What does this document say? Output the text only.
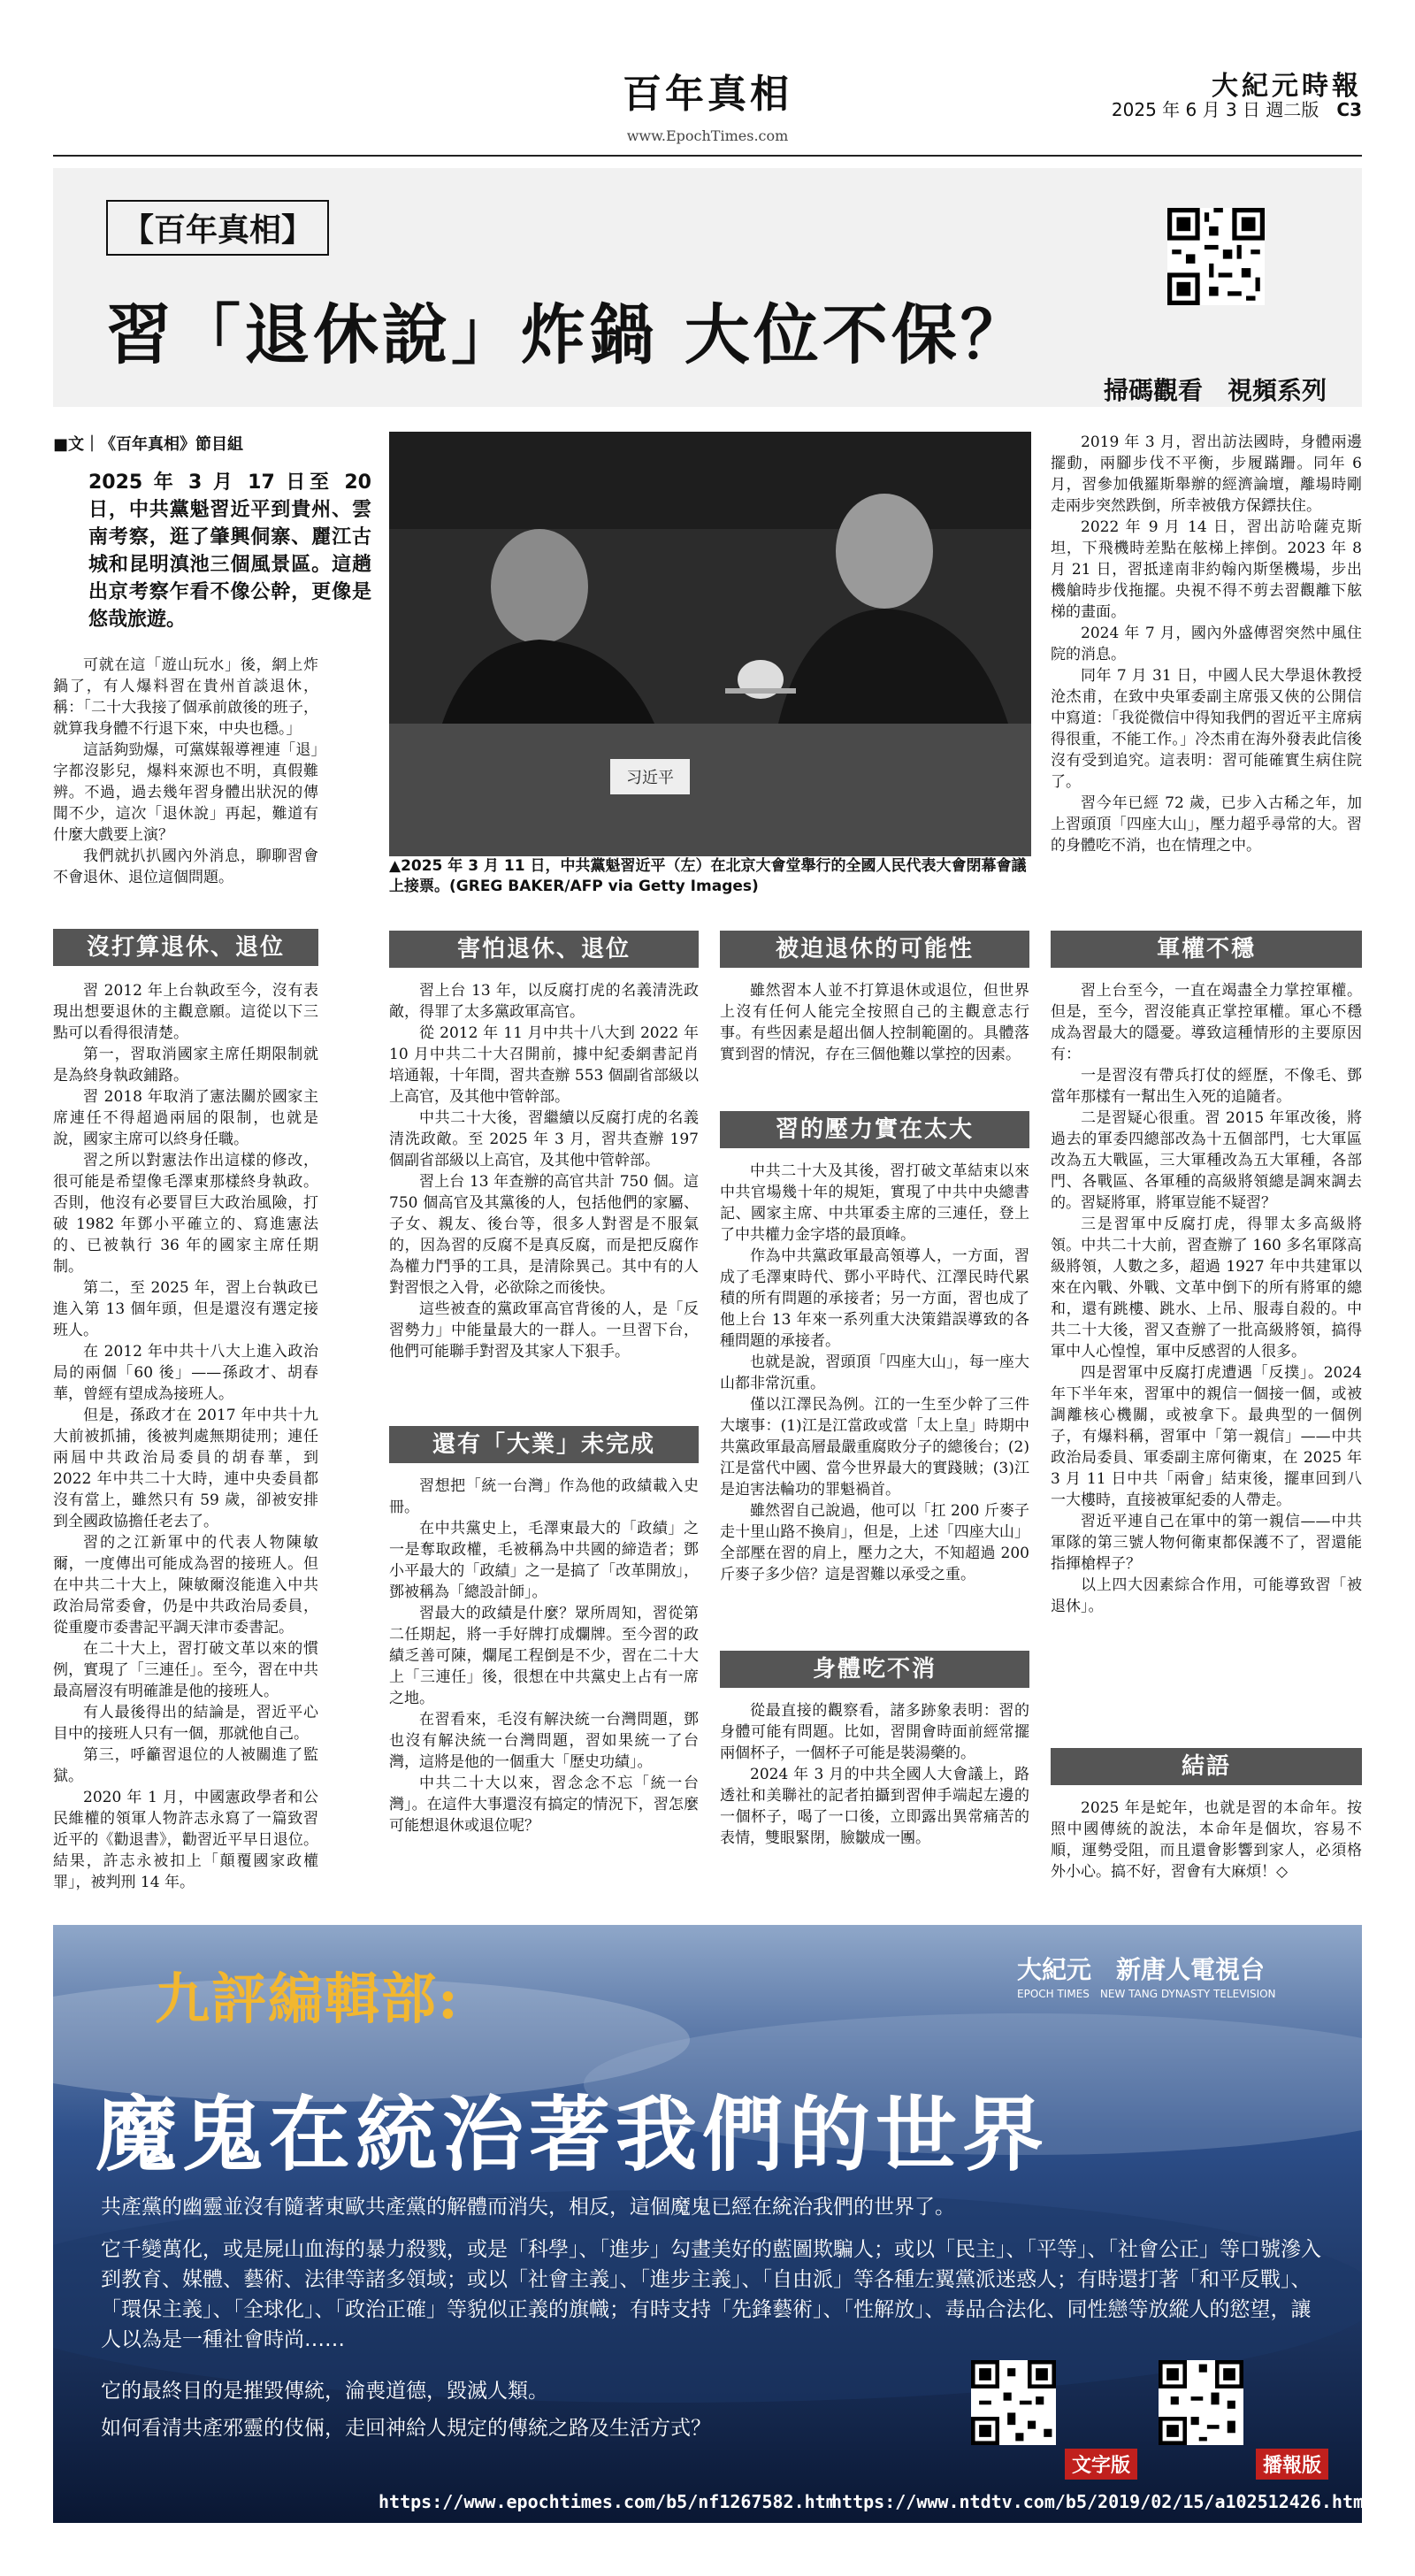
百年真相
www.EpochTimes.com
大紀元時報
2025 年 6 月 3 日 週二版　 C3
【百年真相】
習「退休說」炸鍋 大位不保？
掃碼觀看　視頻系列
■文｜《百年真相》節目組
2025 年 3 月 17 日至 20 日，中共黨魁習近平到貴州、雲南考察，逛了肇興侗寨、麗江古城和昆明滇池三個風景區。這趟出京考察乍看不像公幹，更像是悠哉旅遊。
习近平
▲2025 年 3 月 11 日，中共黨魁習近平（左）在北京大會堂舉行的全國人民代表大會閉幕會議上接票。(GREG BAKER/AFP via Getty Images)

可就在這「遊山玩水」後，網上炸鍋了，有人爆料習在貴州首談退休，稱：「二十大我接了個承前啟後的班子，就算我身體不行退下來，中央也穩。」

這話夠勁爆，可黨媒報導裡連「退」字都沒影兒，爆料來源也不明，真假難辨。不過，過去幾年習身體出狀況的傳聞不少，這次「退休說」再起，難道有什麼大戲要上演？

我們就扒扒國內外消息，聊聊習會不會退休、退位這個問題。

沒打算退休、退位

習 2012 年上台執政至今，沒有表現出想要退休的主觀意願。這從以下三點可以看得很清楚。

第一，習取消國家主席任期限制就是為終身執政鋪路。

習 2018 年取消了憲法關於國家主席連任不得超過兩屆的限制，也就是說，國家主席可以終身任職。

習之所以對憲法作出這樣的修改，很可能是希望像毛澤東那樣終身執政。否則，他沒有必要冒巨大政治風險，打破 1982 年鄧小平確立的、寫進憲法的、已被執行 36 年的國家主席任期制。

第二，至 2025 年，習上台執政已進入第 13 個年頭，但是還沒有選定接班人。

在 2012 年中共十八大上進入政治局的兩個「60 後」——孫政才、胡春華，曾經有望成為接班人。

但是，孫政才在 2017 年中共十九大前被抓捕，後被判處無期徒刑；連任兩屆中共政治局委員的胡春華，到 2022 年中共二十大時，連中央委員都沒有當上，雖然只有 59 歲，卻被安排到全國政協擔任老去了。

習的之江新軍中的代表人物陳敏爾，一度傳出可能成為習的接班人。但在中共二十大上，陳敏爾沒能進入中共政治局常委會，仍是中共政治局委員，從重慶市委書記平調天津市委書記。

在二十大上，習打破文革以來的慣例，實現了「三連任」。至今，習在中共最高層沒有明確誰是他的接班人。

有人最後得出的結論是，習近平心目中的接班人只有一個，那就他自己。

第三，呼籲習退位的人被關進了監獄。

2020 年 1 月，中國憲政學者和公民維權的領軍人物許志永寫了一篇致習近平的《勸退書》，勸習近平早日退位。結果，許志永被扣上「顛覆國家政權罪」，被判刑 14 年。

害怕退休、退位

習上台 13 年，以反腐打虎的名義清洗政敵，得罪了太多黨政軍高官。

從 2012 年 11 月中共十八大到 2022 年 10 月中共二十大召開前，據中紀委網書記肖培通報，十年間，習共查辦 553 個副省部級以上高官，及其他中管幹部。

中共二十大後，習繼續以反腐打虎的名義清洗政敵。至 2025 年 3 月，習共查辦 197 個副省部級以上高官，及其他中管幹部。

習上台 13 年查辦的高官共計 750 個。這 750 個高官及其黨後的人，包括他們的家屬、子女、親友、後台等，很多人對習是不服氣的，因為習的反腐不是真反腐，而是把反腐作為權力鬥爭的工具，是清除異己。其中有的人對習恨之入骨，必欲除之而後快。

這些被查的黨政軍高官背後的人，是「反習勢力」中能量最大的一群人。一旦習下台，他們可能聯手對習及其家人下狠手。

還有「大業」未完成

習想把「統一台灣」作為他的政績載入史冊。

在中共黨史上，毛澤東最大的「政績」之一是奪取政權，毛被稱為中共國的締造者；鄧小平最大的「政績」之一是搞了「改革開放」，鄧被稱為「總設計師」。

習最大的政績是什麼？眾所周知，習從第二任期起，將一手好牌打成爛牌。至今習的政績乏善可陳，爛尾工程倒是不少，習在二十大上「三連任」後，很想在中共黨史上占有一席之地。

在習看來，毛沒有解決統一台灣問題，鄧也沒有解決統一台灣問題，習如果統一了台灣，這將是他的一個重大「歷史功績」。

中共二十大以來，習念念不忘「統一台灣」。在這件大事還沒有搞定的情況下，習怎麼可能想退休或退位呢？

被迫退休的可能性

雖然習本人並不打算退休或退位，但世界上沒有任何人能完全按照自己的主觀意志行事。有些因素是超出個人控制範圍的。具體落實到習的情況，存在三個他難以掌控的因素。

習的壓力實在太大

中共二十大及其後，習打破文革結束以來中共官場幾十年的規矩，實現了中共中央總書記、國家主席、中共軍委主席的三連任，登上了中共權力金字塔的最頂峰。

作為中共黨政軍最高領導人，一方面，習成了毛澤東時代、鄧小平時代、江澤民時代累積的所有問題的承接者；另一方面，習也成了他上台 13 年來一系列重大決策錯誤導致的各種問題的承接者。

也就是說，習頭頂「四座大山」，每一座大山都非常沉重。

僅以江澤民為例。江的一生至少幹了三件大壞事：(1)江是江當政或當「太上皇」時期中共黨政軍最高層最嚴重腐敗分子的總後台；(2) 江是當代中國、當今世界最大的實踐賊；(3)江是迫害法輪功的罪魁禍首。

雖然習自己說過，他可以「扛 200 斤麥子走十里山路不換肩」，但是，上述「四座大山」全部壓在習的肩上，壓力之大，不知超過 200 斤麥子多少倍？這是習難以承受之重。

身體吃不消

從最直接的觀察看，諸多跡象表明：習的身體可能有問題。比如，習開會時面前經常擺兩個杯子，一個杯子可能是裝湯藥的。

2024 年 3 月的中共全國人大會議上，路透社和美聯社的記者拍攝到習伸手端起左邊的一個杯子，喝了一口後，立即露出異常痛苦的表情，雙眼緊閉，臉皺成一團。

2019 年 3 月，習出訪法國時，身體兩邊擺動，兩腳步伐不平衡，步履蹣跚。同年 6 月，習參加俄羅斯舉辦的經濟論壇，離場時剛走兩步突然跌倒，所幸被俄方保鏢扶住。

2022 年 9 月 14 日，習出訪哈薩克斯坦，下飛機時差點在舷梯上摔倒。2023 年 8 月 21 日，習抵達南非約翰內斯堡機場，步出機艙時步伐拖擺。央視不得不剪去習觀離下舷梯的畫面。

2024 年 7 月，國內外盛傳習突然中風住院的消息。

同年 7 月 31 日，中國人民大學退休教授沧杰甫，在致中央軍委副主席張又俠的公開信中寫道：「我從微信中得知我們的習近平主席病得很重，不能工作。」冷杰甫在海外發表此信後沒有受到追究。這表明：習可能確實生病住院了。

習今年已經 72 歲，已步入古稀之年，加上習頭頂「四座大山」，壓力超乎尋常的大。習的身體吃不消，也在情理之中。

軍權不穩

習上台至今，一直在竭盡全力掌控軍權。但是，至今，習沒能真正掌控軍權。軍心不穩成為習最大的隱憂。導致這種情形的主要原因有：

一是習沒有帶兵打仗的經歷，不像毛、鄧當年那樣有一幫出生入死的追隨者。

二是習疑心很重。習 2015 年軍改後，將過去的軍委四總部改為十五個部門，七大軍區改為五大戰區，三大軍種改為五大軍種，各部門、各戰區、各軍種的高級將領總是調來調去的。習疑將軍，將軍豈能不疑習？

三是習軍中反腐打虎，得罪太多高級將領。中共二十大前，習查辦了 160 多名軍隊高級將領，人數之多，超過 1927 年中共建軍以來在內戰、外戰、文革中倒下的所有將軍的總和，還有跳樓、跳水、上吊、服毒自殺的。中共二十大後，習又查辦了一批高級將領，搞得軍中人心惶惶，軍中反感習的人很多。

四是習軍中反腐打虎遭遇「反撲」。2024 年下半年來，習軍中的親信一個接一個，或被調離核心機關，或被拿下。最典型的一個例子，有爆料稱，習軍中「第一親信」——中共政治局委員、軍委副主席何衛東，在 2025 年 3 月 11 日中共「兩會」結束後，擺車回到八一大樓時，直接被軍紀委的人帶走。

習近平連自己在軍中的第一親信——中共軍隊的第三號人物何衛東都保護不了，習還能指揮槍桿子？

以上四大因素綜合作用，可能導致習「被退休」。

結語

2025 年是蛇年，也就是習的本命年。按照中國傳統的說法，本命年是個坎，容易不順，運勢受阻，而且還會影響到家人，必須格外小心。搞不好，習會有大麻煩！◇

九評編輯部:	大紀元　新唐人電視台
EPOCH TIMES　NEW TANG DYNASTY TELEVISION
魔鬼在統治著我們的世界
共產黨的幽靈並沒有隨著東歐共產黨的解體而消失，相反，這個魔鬼已經在統治我們的世界了。
它千變萬化，或是屍山血海的暴力殺戮，或是「科學」、「進步」勾畫美好的藍圖欺騙人；或以「民主」、「平等」、「社會公正」等口號滲入到教育、媒體、藝術、法律等諸多領域；或以「社會主義」、「進步主義」、「自由派」等各種左翼黨派迷惑人；有時還打著「和平反戰」、「環保主義」、「全球化」、「政治正確」等貌似正義的旗幟；有時支持「先鋒藝術」、「性解放」、毒品合法化、同性戀等放縱人的慾望，讓人以為是一種社會時尚……
它的最終目的是摧毀傳統，淪喪道德，毀滅人類。
如何看清共產邪靈的伎倆，走回神給人規定的傳統之路及生活方式？
文字版	播報版
https://www.epochtimes.com/b5/nf1267582.htm
https://www.ntdtv.com/b5/2019/02/15/a102512426.html
